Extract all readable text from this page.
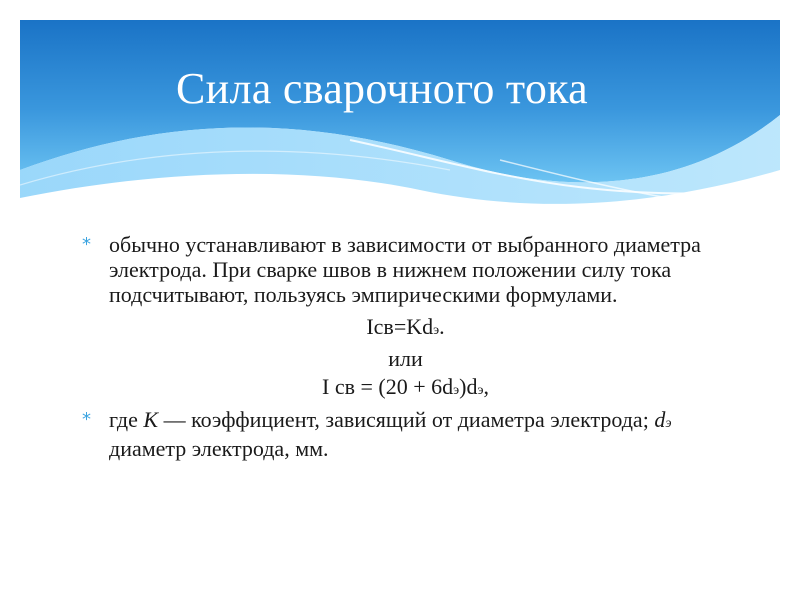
Сила сварочного тока

* обычно устанавливают в зависимости от выбранного диаметра электрода. При сварке швов в нижнем положении силу тока подсчитывают, пользуясь эмпирическими формулами.

Iсв=Kdэ.

или

I св = (20 + 6dэ)dэ,

* где K — коэффициент, зависящий от диаметра электрода; dэ диаметр электрода, мм.
